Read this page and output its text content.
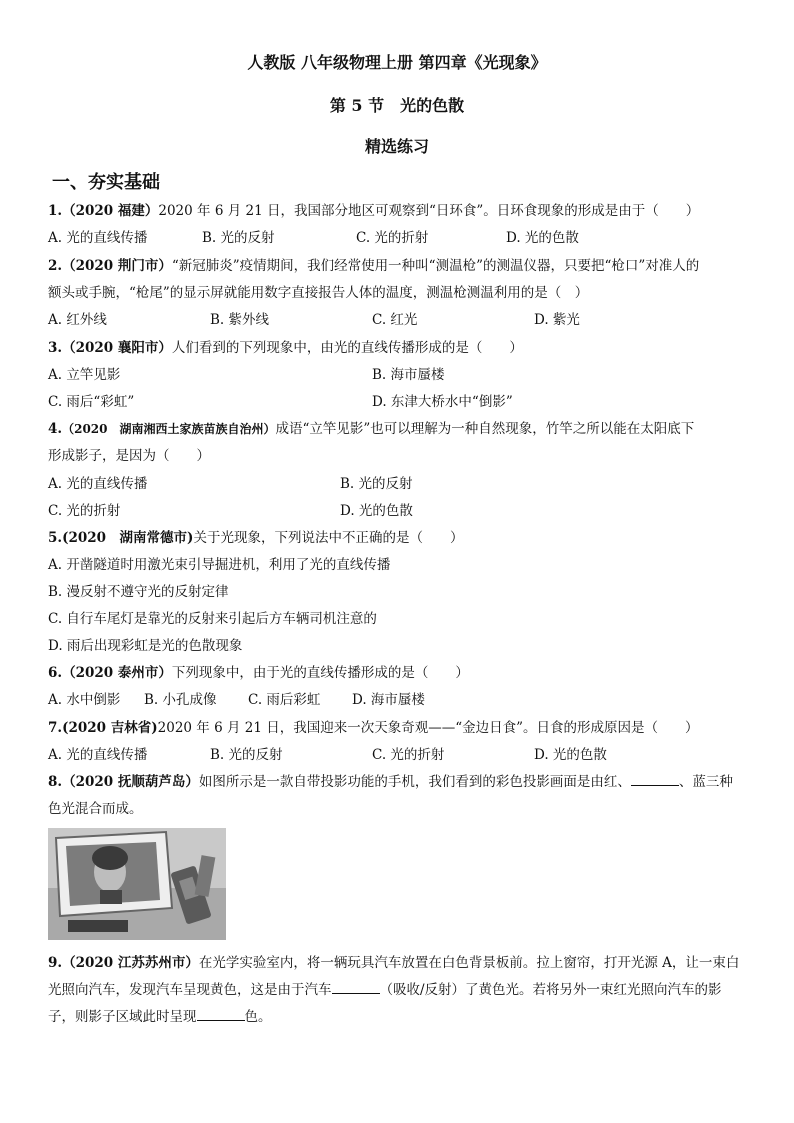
人教版 八年级物理上册 第四章《光现象》
第 5 节　光的色散
精选练习
一、夯实基础
1.（2020 福建）2020 年 6 月 21 日，我国部分地区可观察到“日环食”。日环食现象的形成是由于（　　）
A. 光的直线传播	B. 光的反射	C. 光的折射	D. 光的色散
2.（2020 荆门市）“新冠肺炎”疫情期间，我们经常使用一种叫“测温枪”的测温仪器，只要把“枪口”对准人的
额头或手腕，“枪尾”的显示屏就能用数字直接报告人体的温度，测温枪测温利用的是（　）
A. 红外线	B. 紫外线	C. 红光	D. 紫光
3.（2020 襄阳市）人们看到的下列现象中，由光的直线传播形成的是（　　）
A. 立竿见影	B. 海市蜃楼
C. 雨后“彩虹”	D. 东津大桥水中“倒影”
4.（2020　湖南湘西土家族苗族自治州）成语“立竿见影”也可以理解为一种自然现象，竹竿之所以能在太阳底下
形成影子，是因为（　　）
A. 光的直线传播	B. 光的反射
C. 光的折射	D. 光的色散
5.(2020　湖南常德市)关于光现象，下列说法中不正确的是（　　）
A. 开凿隧道时用激光束引导掘进机，利用了光的直线传播
B. 漫反射不遵守光的反射定律
C. 自行车尾灯是靠光的反射来引起后方车辆司机注意的
D. 雨后出现彩虹是光的色散现象
6.（2020 泰州市）下列现象中，由于光的直线传播形成的是（　　）
A. 水中倒影 B. 小孔成像 C. 雨后彩虹 D. 海市蜃楼
7.(2020 吉林省)2020 年 6 月 21 日，我国迎来一次天象奇观——“金边日食”。日食的形成原因是（　　）
A. 光的直线传播	B. 光的反射	C. 光的折射	D. 光的色散
8.（2020 抚顺葫芦岛）如图所示是一款自带投影功能的手机，我们看到的彩色投影画面是由红、	、蓝三种
色光混合而成。
9.（2020 江苏苏州市）在光学实验室内，将一辆玩具汽车放置在白色背景板前。拉上窗帘，打开光源 A，让一束白
光照向汽车，发现汽车呈现黄色，这是由于汽车	（吸收/反射）了黄色光。若将另外一束红光照向汽车的影
子，则影子区域此时呈现	色。
